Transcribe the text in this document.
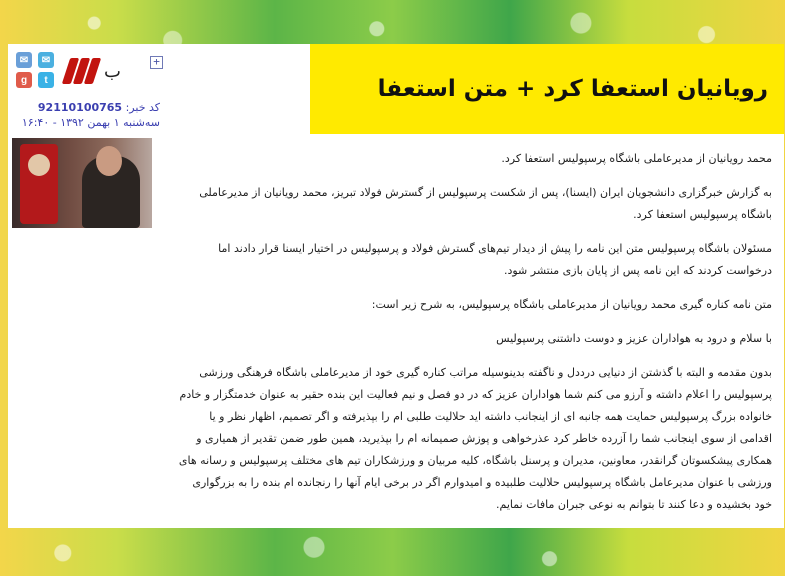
✉	✉
g	t	ب	+
کد خبر: 92110100765
سه‌شنبه ۱ بهمن ۱۳۹۲ - ۱۶:۴۰
رویانیان استعفا کرد + متن استعفا

محمد رویانیان از مدیرعاملی باشگاه پرسپولیس استعفا کرد.

به گزارش خبرگزاری دانشجویان ایران (ایسنا)، پس از شکست پرسپولیس از گسترش فولاد تبریز، محمد رویانیان از مدیرعاملی باشگاه پرسپولیس استعفا کرد.

مسئولان باشگاه پرسپولیس متن این نامه را پیش از دیدار تیم‌های گسترش فولاد و پرسپولیس در اختیار ایسنا قرار دادند اما درخواست کردند که این نامه پس از پایان بازی منتشر شود.

متن نامه کناره گیری محمد رویانیان از مدیرعاملی باشگاه پرسپولیس، به شرح زیر است:

با سلام و درود به هواداران عزیز و دوست داشتنی پرسپولیس

بدون مقدمه و البته با گذشتن از دنیایی درددل و ناگفته بدینوسیله مراتب کناره گیری خود از مدیرعاملی باشگاه فرهنگی ورزشی پرسپولیس را اعلام داشته و آرزو می کنم شما هواداران عزیز که در دو فصل و نیم فعالیت این بنده حقیر به عنوان خدمتگزار و خادم خانواده بزرگ پرسپولیس حمایت همه جانبه ای از اینجانب داشته اید حلالیت طلبی ام را بپذیرفته و اگر تصمیم، اظهار نظر و یا اقدامی از سوی اینجانب شما را آزرده خاطر کرد عذرخواهی و پوزش صمیمانه ام را بپذیرید، همین طور ضمن تقدیر از همیاری و همکاری پیشکسوتان گرانقدر، معاونین، مدیران و پرسنل باشگاه، کلیه مربیان و ورزشکاران تیم های مختلف پرسپولیس و رسانه های ورزشی با عنوان مدیرعامل باشگاه پرسپولیس حلالیت طلبیده و امیدوارم اگر در برخی ایام آنها را رنجانده ام بنده را به بزرگواری خود بخشیده و دعا کنند تا بتوانم به نوعی جبران مافات نمایم.
